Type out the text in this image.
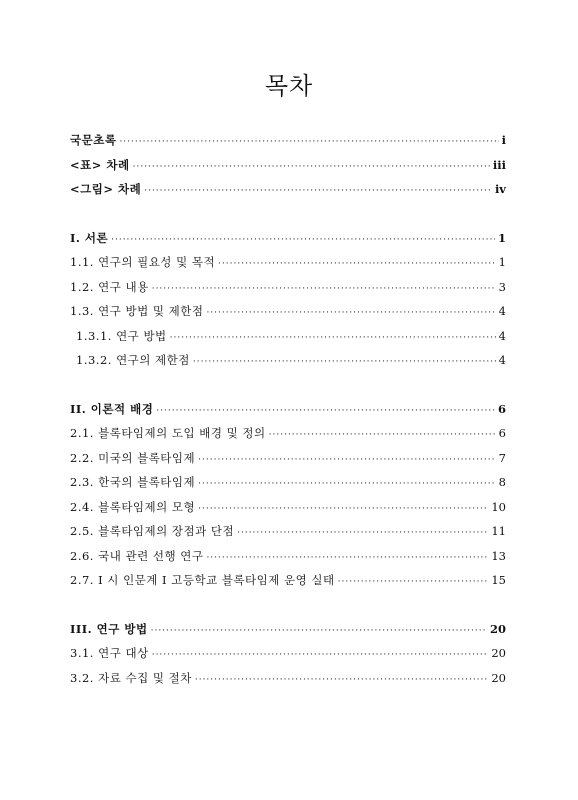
목차
국문초록 ·····	i
<표> 차례 ·····	iii
<그림> 차례 ·····	iv
I. 서론 ·····	1
1.1. 연구의 필요성 및 목적 ·····	1
1.2. 연구 내용 ·····	3
1.3. 연구 방법 및 제한점 ·····	4
1.3.1. 연구 방법 ·····	4
1.3.2. 연구의 제한점 ·····	4
II. 이론적 배경 ·····	6
2.1. 블록타임제의 도입 배경 및 정의 ·····	6
2.2. 미국의 블록타임제 ·····	7
2.3. 한국의 블록타임제 ·····	8
2.4. 블록타임제의 모형 ·····	10
2.5. 블록타임제의 장점과 단점 ·····	11
2.6. 국내 관련 선행 연구 ·····	13
2.7. I 시 인문계 I 고등학교 블록타임제 운영 실태 ·····	15
III. 연구 방법 ·····	20
3.1. 연구 대상 ·····	20
3.2. 자료 수집 및 절차 ·····	20
